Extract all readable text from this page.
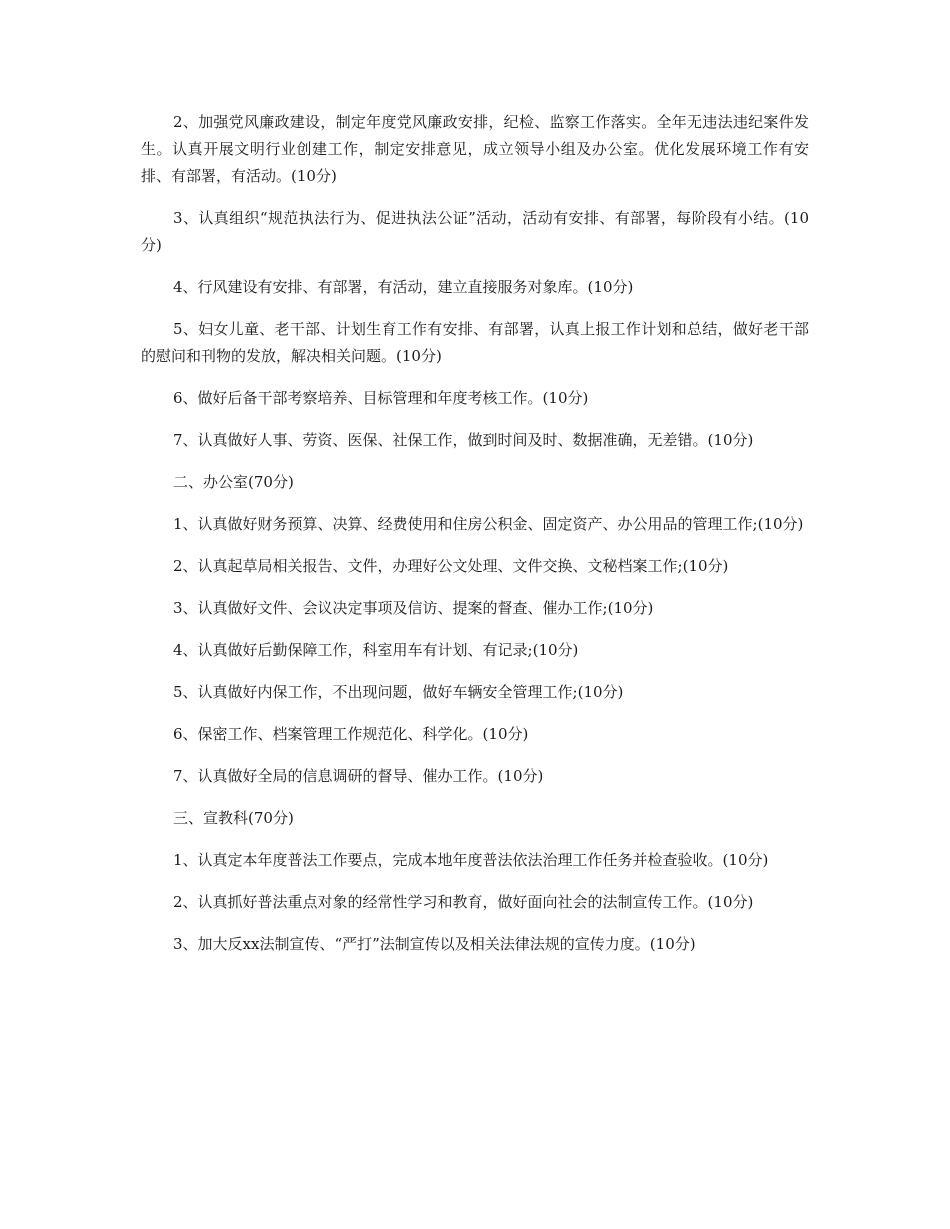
2、加强党风廉政建设，制定年度党风廉政安排，纪检、监察工作落实。全年无违法违纪案件发生。认真开展文明行业创建工作，制定安排意见，成立领导小组及办公室。优化发展环境工作有安排、有部署，有活动。(10分)

3、认真组织“规范执法行为、促进执法公证”活动，活动有安排、有部署，每阶段有小结。(10分)

4、行风建设有安排、有部署，有活动，建立直接服务对象库。(10分)

5、妇女儿童、老干部、计划生育工作有安排、有部署，认真上报工作计划和总结，做好老干部的慰问和刊物的发放，解决相关问题。(10分)

6、做好后备干部考察培养、目标管理和年度考核工作。(10分)

7、认真做好人事、劳资、医保、社保工作，做到时间及时、数据准确，无差错。(10分)

二、办公室(70分)

1、认真做好财务预算、决算、经费使用和住房公积金、固定资产、办公用品的管理工作;(10分)

2、认真起草局相关报告、文件，办理好公文处理、文件交换、文秘档案工作;(10分)

3、认真做好文件、会议决定事项及信访、提案的督查、催办工作;(10分)

4、认真做好后勤保障工作，科室用车有计划、有记录;(10分)

5、认真做好内保工作，不出现问题，做好车辆安全管理工作;(10分)

6、保密工作、档案管理工作规范化、科学化。(10分)

7、认真做好全局的信息调研的督导、催办工作。(10分)

三、宣教科(70分)

1、认真定本年度普法工作要点，完成本地年度普法依法治理工作任务并检查验收。(10分)

2、认真抓好普法重点对象的经常性学习和教育，做好面向社会的法制宣传工作。(10分)

3、加大反xx法制宣传、“严打”法制宣传以及相关法律法规的宣传力度。(10分)
